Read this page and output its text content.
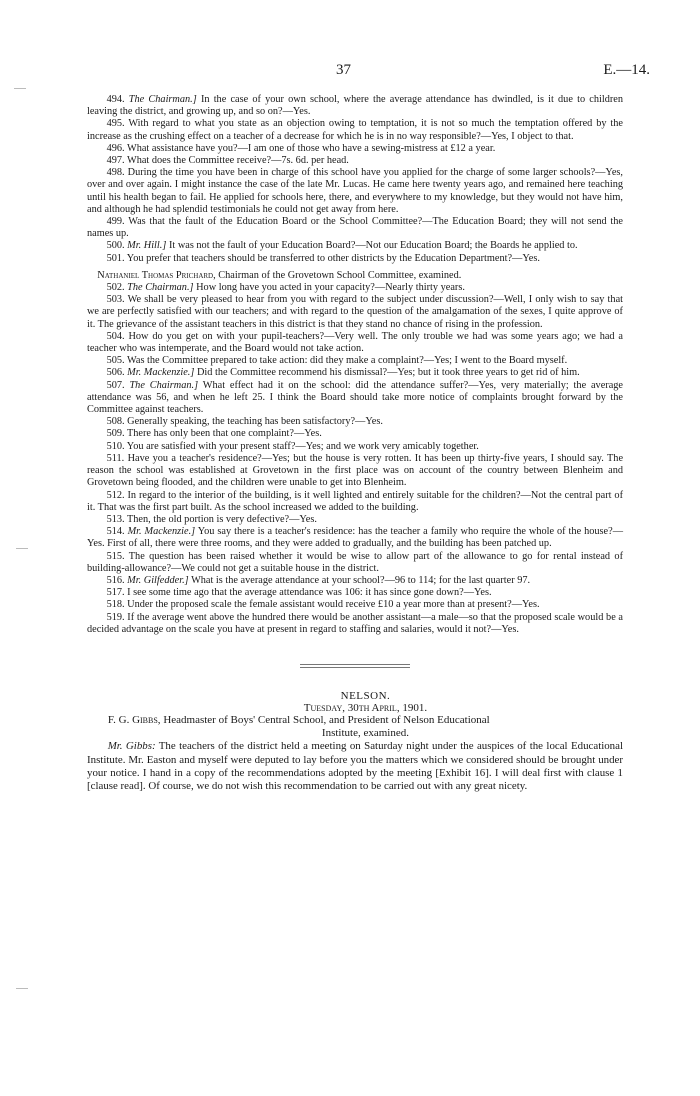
37	E.—14.

494. The Chairman.] In the case of your own school, where the average attendance has dwindled, is it due to children leaving the district, and growing up, and so on?—Yes.

495. With regard to what you state as an objection owing to temptation, it is not so much the temptation offered by the increase as the crushing effect on a teacher of a decrease for which he is in no way responsible?—Yes, I object to that.

496. What assistance have you?—I am one of those who have a sewing-mistress at £12 a year.

497. What does the Committee receive?—7s. 6d. per head.

498. During the time you have been in charge of this school have you applied for the charge of some larger schools?—Yes, over and over again. I might instance the case of the late Mr. Lucas. He came here twenty years ago, and remained here teaching until his health began to fail. He applied for schools here, there, and everywhere to my knowledge, but they would not have him, and although he had splendid testimonials he could not get away from here.

499. Was that the fault of the Education Board or the School Committee?—The Education Board; they will not send the names up.

500. Mr. Hill.] It was not the fault of your Education Board?—Not our Education Board; the Boards he applied to.

501. You prefer that teachers should be transferred to other districts by the Education Department?—Yes.

Nathaniel Thomas Prichard, Chairman of the Grovetown School Committee, examined.

502. The Chairman.] How long have you acted in your capacity?—Nearly thirty years.

503. We shall be very pleased to hear from you with regard to the subject under discussion?—Well, I only wish to say that we are perfectly satisfied with our teachers; and with regard to the question of the amalgamation of the sexes, I quite approve of it. The grievance of the assistant teachers in this district is that they stand no chance of rising in the profession.

504. How do you get on with your pupil-teachers?—Very well. The only trouble we had was some years ago; we had a teacher who was intemperate, and the Board would not take action.

505. Was the Committee prepared to take action: did they make a complaint?—Yes; I went to the Board myself.

506. Mr. Mackenzie.] Did the Committee recommend his dismissal?—Yes; but it took three years to get rid of him.

507. The Chairman.] What effect had it on the school: did the attendance suffer?—Yes, very materially; the average attendance was 56, and when he left 25. I think the Board should take more notice of complaints brought forward by the Committee against teachers.

508. Generally speaking, the teaching has been satisfactory?—Yes.

509. There has only been that one complaint?—Yes.

510. You are satisfied with your present staff?—Yes; and we work very amicably together.

511. Have you a teacher's residence?—Yes; but the house is very rotten. It has been up thirty-five years, I should say. The reason the school was established at Grovetown in the first place was on account of the country between Blenheim and Grovetown being flooded, and the children were unable to get into Blenheim.

512. In regard to the interior of the building, is it well lighted and entirely suitable for the children?—Not the central part of it. That was the first part built. As the school increased we added to the building.

513. Then, the old portion is very defective?—Yes.

514. Mr. Mackenzie.] You say there is a teacher's residence: has the teacher a family who require the whole of the house?—Yes. First of all, there were three rooms, and they were added to gradually, and the building has been patched up.

515. The question has been raised whether it would be wise to allow part of the allowance to go for rental instead of building-allowance?—We could not get a suitable house in the district.

516. Mr. Gilfedder.] What is the average attendance at your school?—96 to 114; for the last quarter 97.

517. I see some time ago that the average attendance was 106: it has since gone down?—Yes.

518. Under the proposed scale the female assistant would receive £10 a year more than at present?—Yes.

519. If the average went above the hundred there would be another assistant—a male—so that the proposed scale would be a decided advantage on the scale you have at present in regard to staffing and salaries, would it not?—Yes.

NELSON.

Tuesday, 30th April, 1901.

F. G. Gibbs, Headmaster of Boys' Central School, and President of Nelson Educational
Institute, examined.

Mr. Gibbs: The teachers of the district held a meeting on Saturday night under the auspices of the local Educational Institute. Mr. Easton and myself were deputed to lay before you the matters which we considered should be brought under your notice. I hand in a copy of the recommendations adopted by the meeting [Exhibit 16]. I will deal first with clause 1 [clause read]. Of course, we do not wish this recommendation to be carried out with any great nicety.
